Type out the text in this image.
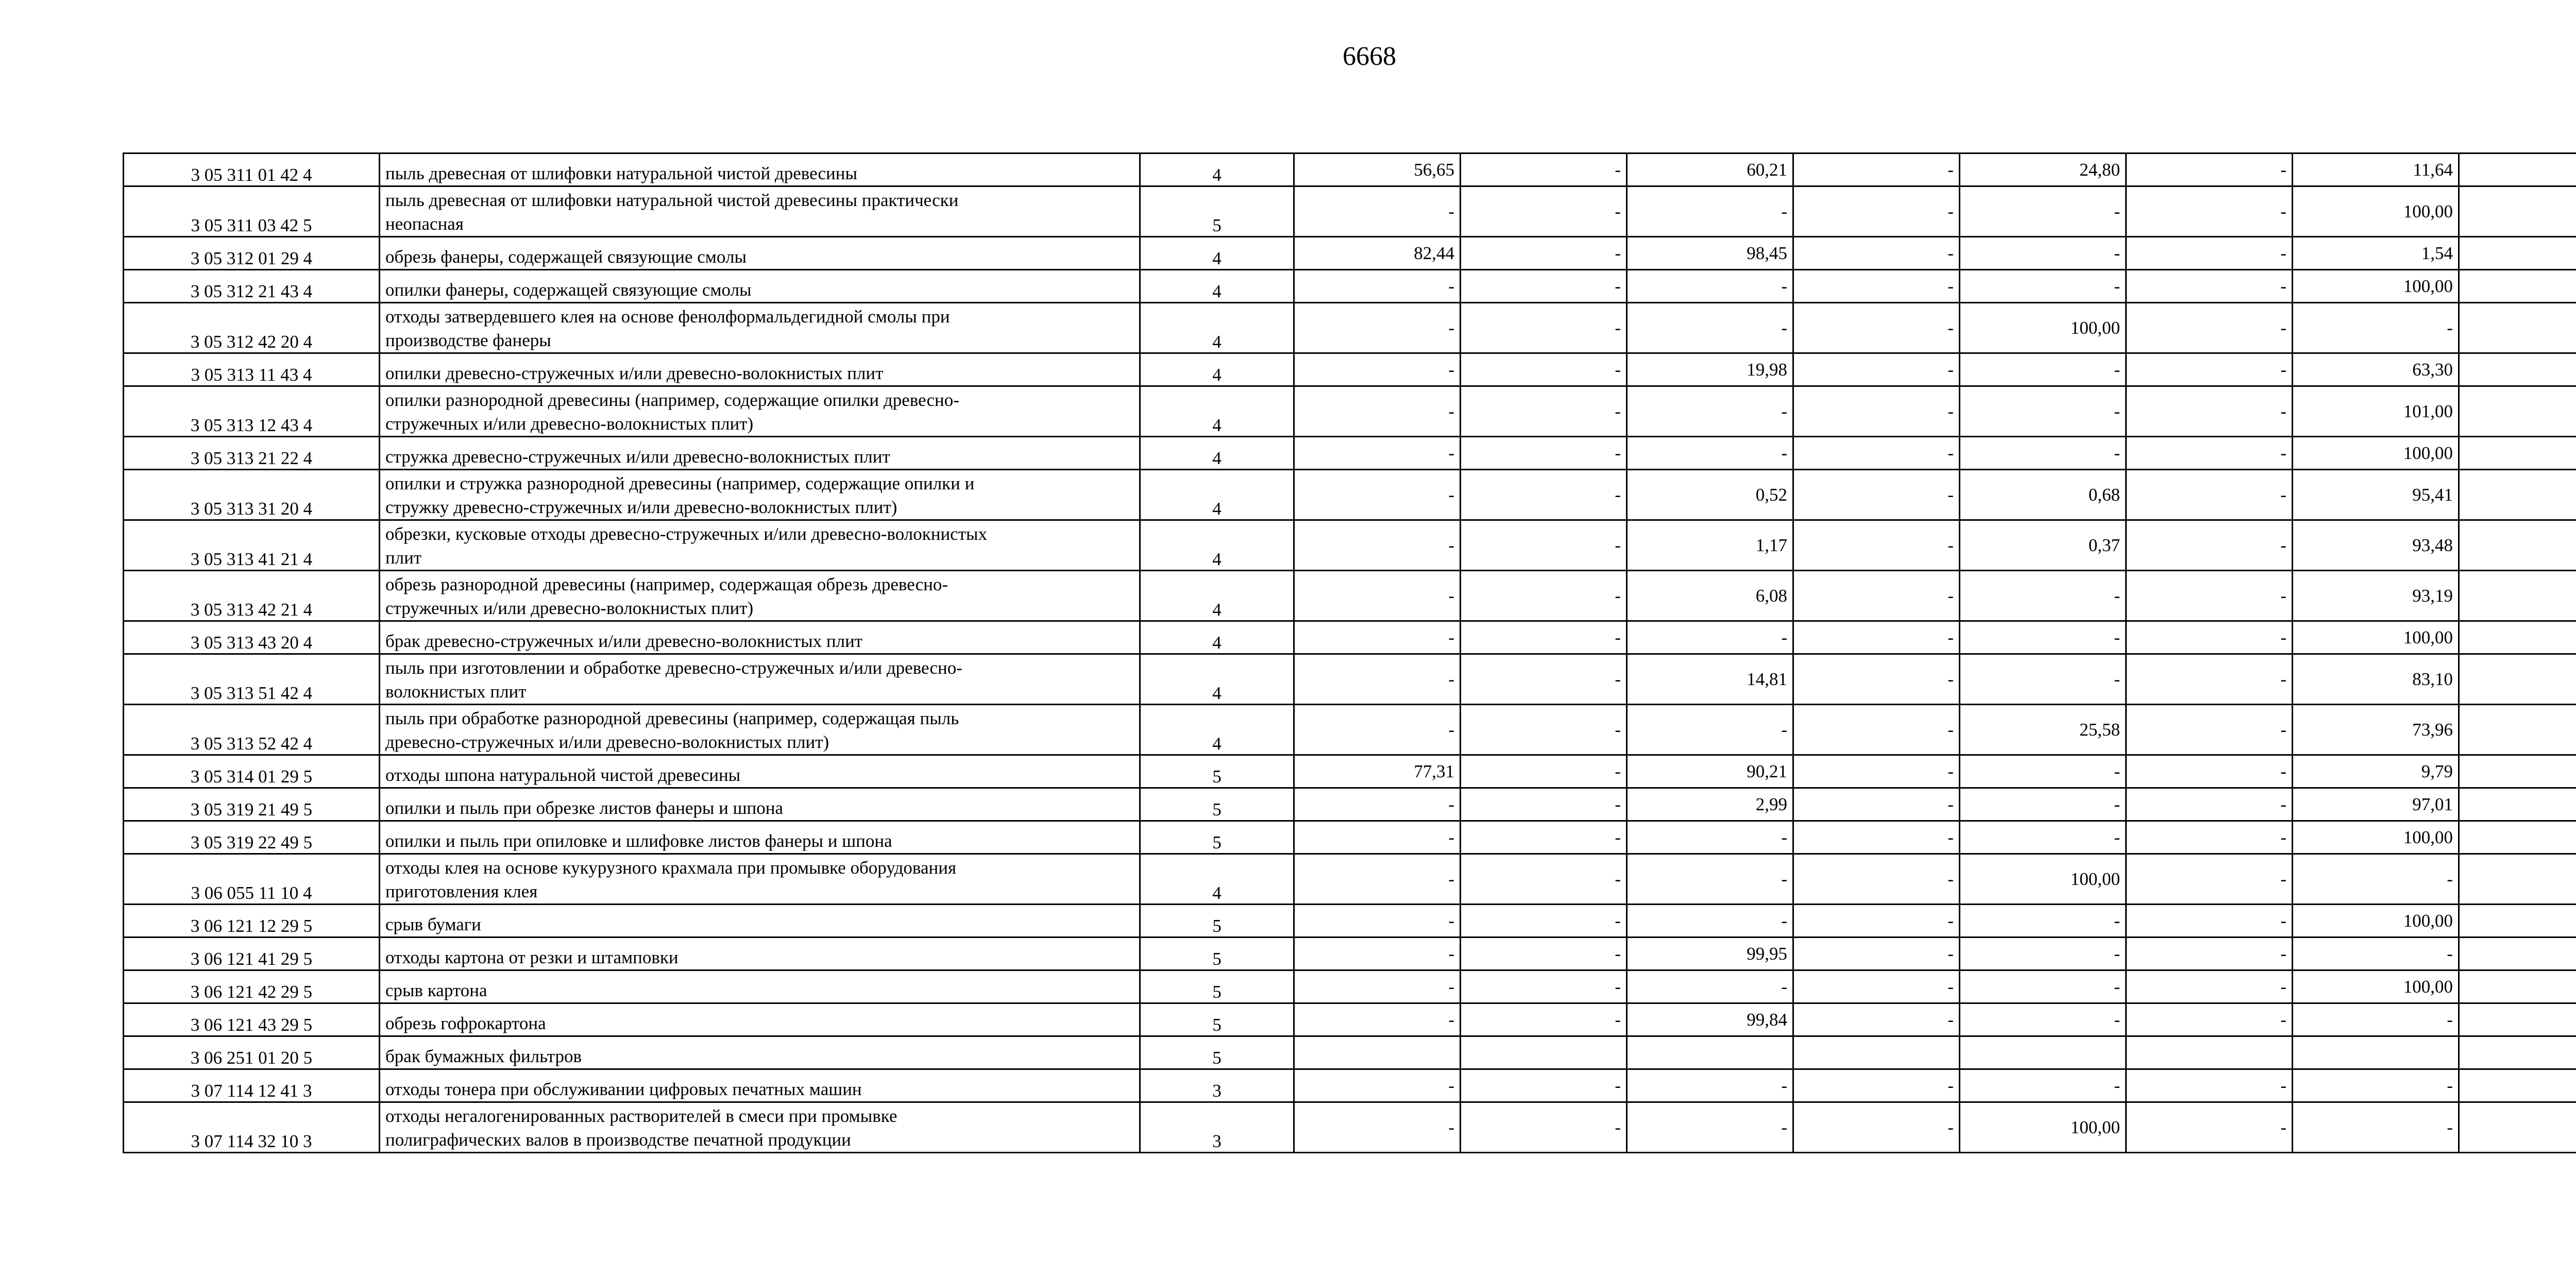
6668
3 05 311 01 42 4	пыль древесная от шлифовки натуральной чистой древесины	4	56,65	-	60,21	-	24,80	-	11,64	
3 05 311 03 42 5	пыль древесная от шлифовки натуральной чистой древесины практически
неопасная	5	-	-	-	-	-	-	100,00	
3 05 312 01 29 4	обрезь фанеры, содержащей связующие смолы	4	82,44	-	98,45	-	-	-	1,54	
3 05 312 21 43 4	опилки фанеры, содержащей связующие смолы	4	-	-	-	-	-	-	100,00	
3 05 312 42 20 4	отходы затвердевшего клея на основе фенолформальдегидной смолы при
производстве фанеры	4	-	-	-	-	100,00	-	-	
3 05 313 11 43 4	опилки древесно-стружечных и/или древесно-волокнистых плит	4	-	-	19,98	-	-	-	63,30	
3 05 313 12 43 4	опилки разнородной древесины (например, содержащие опилки древесно-
стружечных и/или древесно-волокнистых плит)	4	-	-	-	-	-	-	101,00	
3 05 313 21 22 4	стружка древесно-стружечных и/или древесно-волокнистых плит	4	-	-	-	-	-	-	100,00	
3 05 313 31 20 4	опилки и стружка разнородной древесины (например, содержащие опилки и
стружку древесно-стружечных и/или древесно-волокнистых плит)	4	-	-	0,52	-	0,68	-	95,41	
3 05 313 41 21 4	обрезки, кусковые отходы древесно-стружечных и/или древесно-волокнистых
плит	4	-	-	1,17	-	0,37	-	93,48	
3 05 313 42 21 4	обрезь разнородной древесины (например, содержащая обрезь древесно-
стружечных и/или древесно-волокнистых плит)	4	-	-	6,08	-	-	-	93,19	
3 05 313 43 20 4	брак древесно-стружечных и/или древесно-волокнистых плит	4	-	-	-	-	-	-	100,00	
3 05 313 51 42 4	пыль при изготовлении и обработке древесно-стружечных и/или древесно-
волокнистых плит	4	-	-	14,81	-	-	-	83,10	
3 05 313 52 42 4	пыль при обработке разнородной древесины (например, содержащая пыль
древесно-стружечных и/или древесно-волокнистых плит)	4	-	-	-	-	25,58	-	73,96	
3 05 314 01 29 5	отходы шпона натуральной чистой древесины	5	77,31	-	90,21	-	-	-	9,79	
3 05 319 21 49 5	опилки и пыль при обрезке листов фанеры и шпона	5	-	-	2,99	-	-	-	97,01	
3 05 319 22 49 5	опилки и пыль при опиловке и шлифовке листов фанеры и шпона	5	-	-	-	-	-	-	100,00	
3 06 055 11 10 4	отходы клея на основе кукурузного крахмала при промывке оборудования
приготовления клея	4	-	-	-	-	100,00	-	-	
3 06 121 12 29 5	срыв бумаги	5	-	-	-	-	-	-	100,00	
3 06 121 41 29 5	отходы картона от резки и штамповки	5	-	-	99,95	-	-	-	-	
3 06 121 42 29 5	срыв картона	5	-	-	-	-	-	-	100,00	
3 06 121 43 29 5	обрезь гофрокартона	5	-	-	99,84	-	-	-	-	
3 06 251 01 20 5	брак бумажных фильтров	5								
3 07 114 12 41 3	отходы тонера при обслуживании цифровых печатных машин	3	-	-	-	-	-	-	-	
3 07 114 32 10 3	отходы негалогенированных растворителей в смеси при промывке
полиграфических валов в производстве печатной продукции	3	-	-	-	-	100,00	-	-	
